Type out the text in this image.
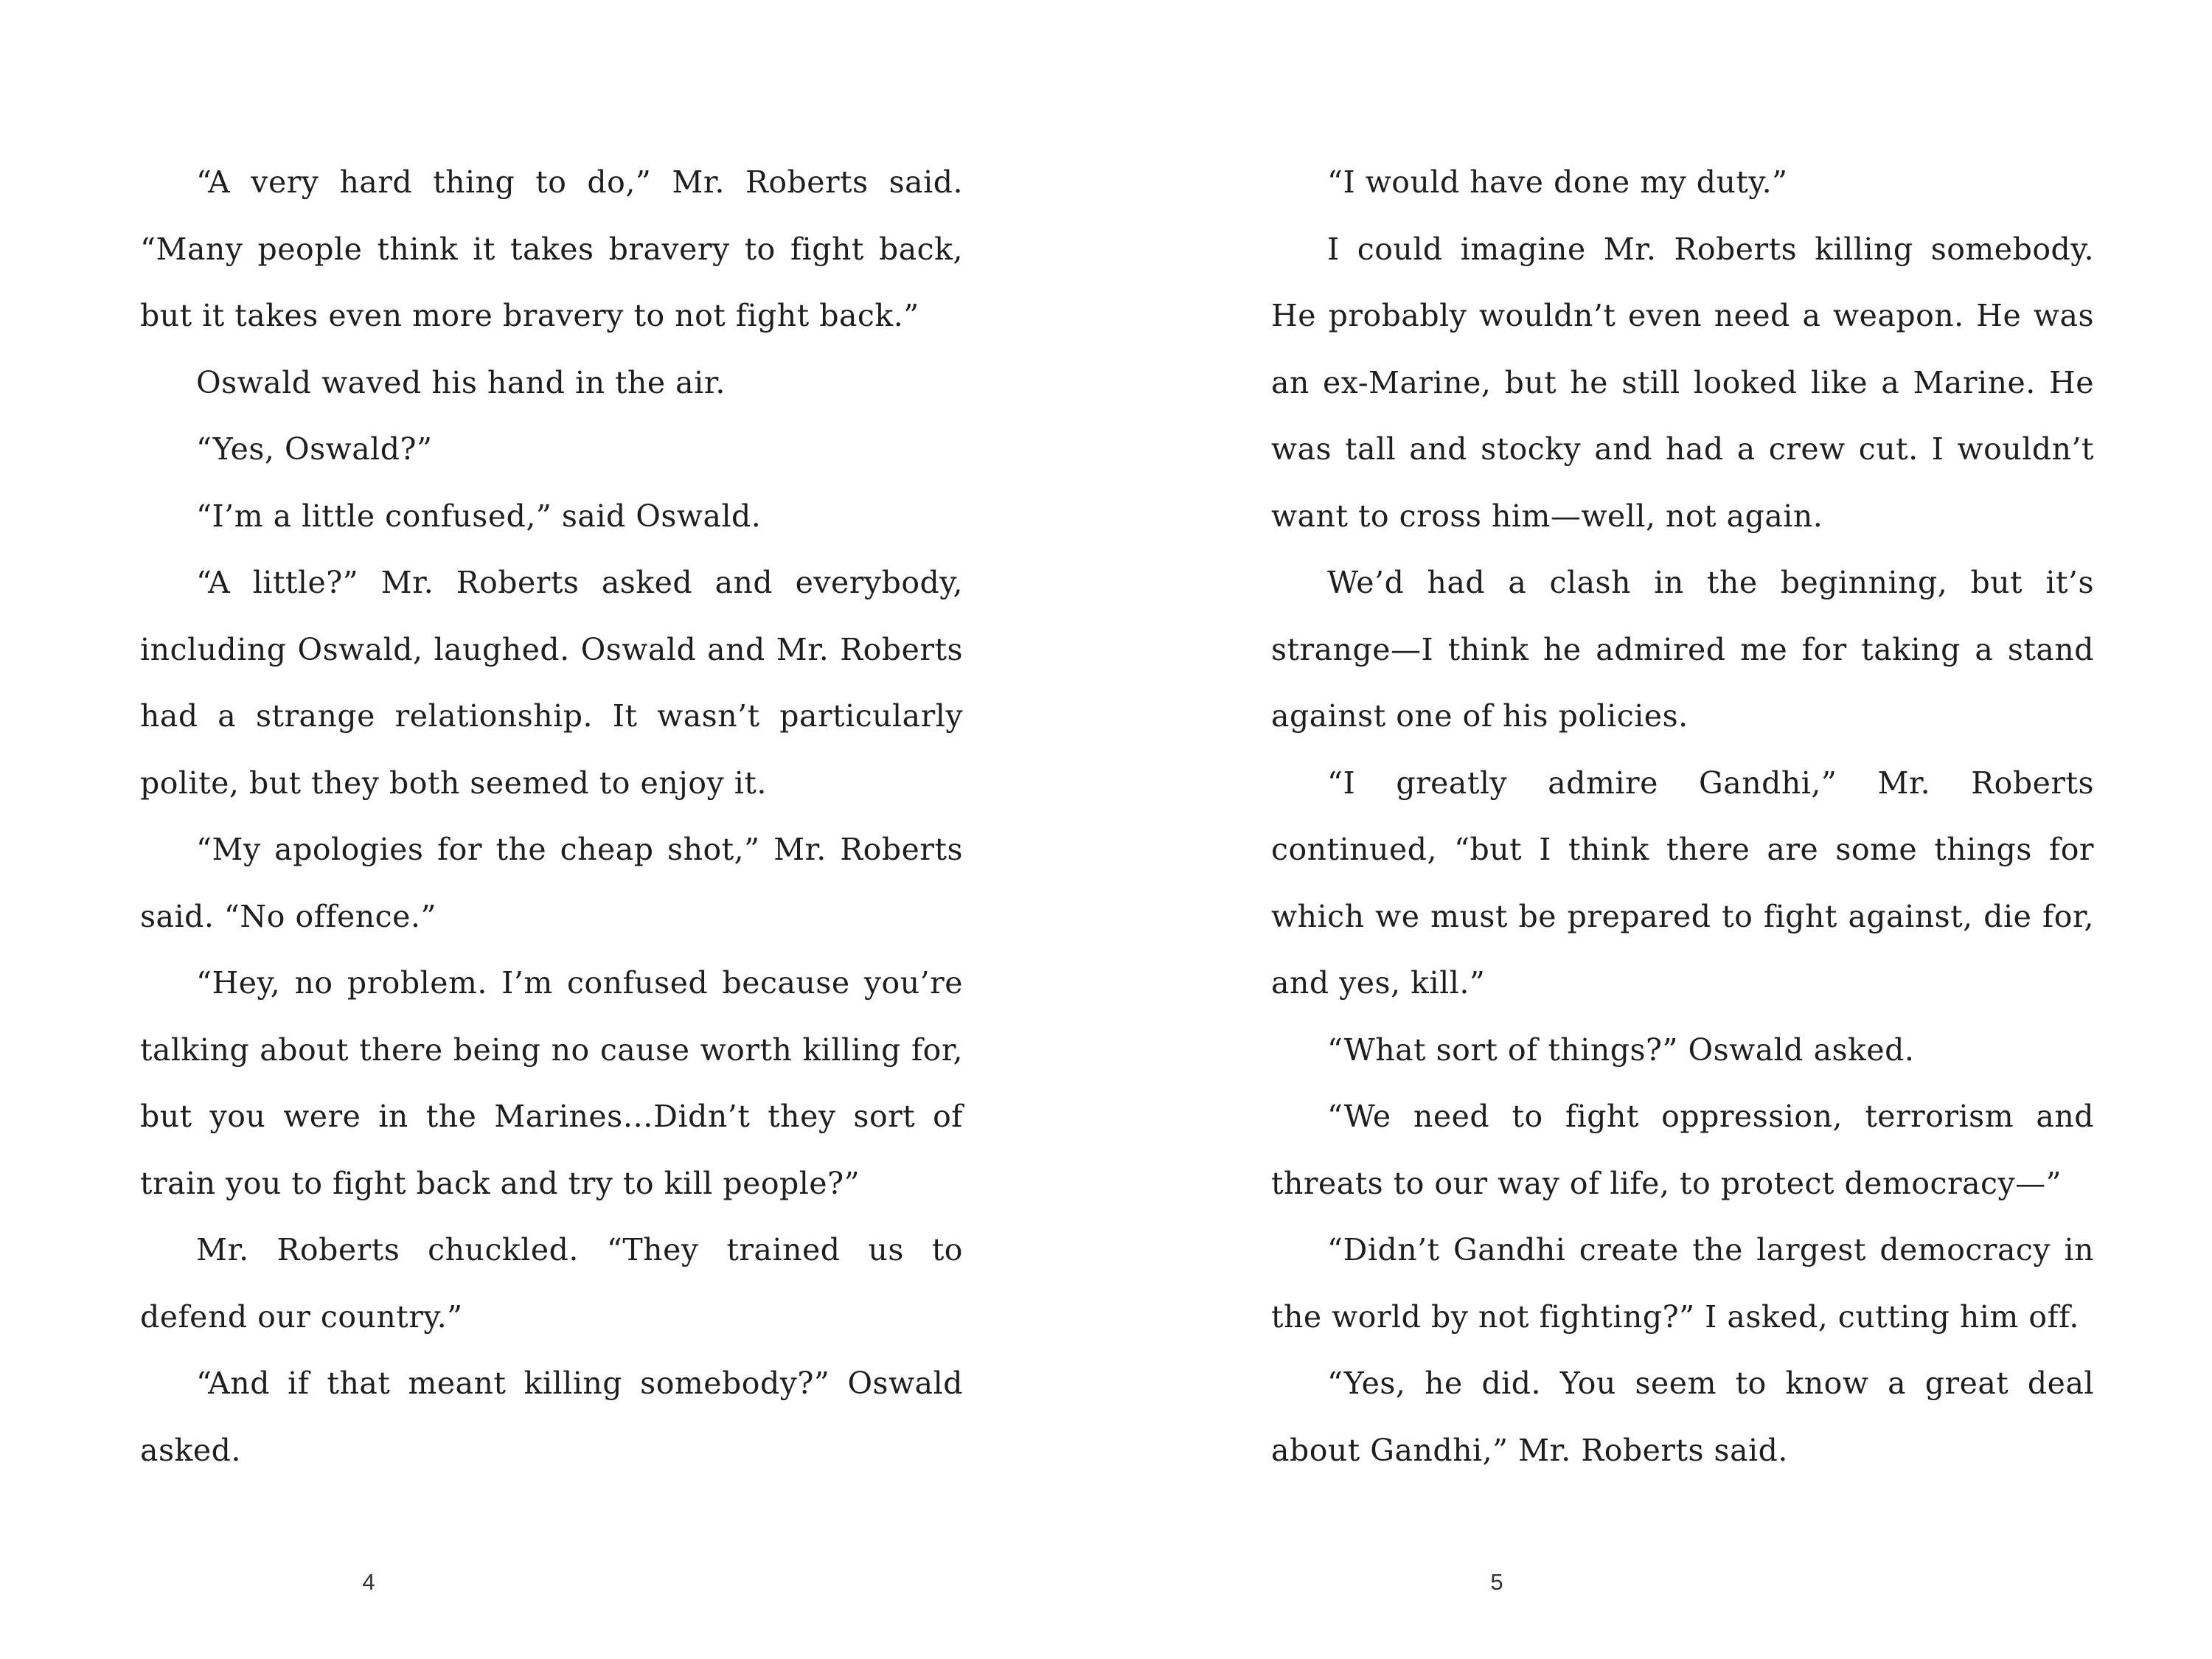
“A very hard thing to do,” Mr. Roberts said. “Many people think it takes bravery to fight back, but it takes even more bravery to not fight back.”

Oswald waved his hand in the air.

“Yes, Oswald?”

“I’m a little confused,” said Oswald.

“A little?” Mr. Roberts asked and everybody, including Oswald, laughed. Oswald and Mr. Roberts had a strange relationship. It wasn’t particularly polite, but they both seemed to enjoy it.

“My apologies for the cheap shot,” Mr. Roberts said. “No offence.”

“Hey, no problem. I’m confused because you’re talking about there being no cause worth killing for, but you were in the Marines…Didn’t they sort of train you to fight back and try to kill people?”

Mr. Roberts chuckled. “They trained us to defend our country.”

“And if that meant killing somebody?” Oswald asked.

4

“I would have done my duty.”

I could imagine Mr. Roberts killing somebody. He probably wouldn’t even need a weapon. He was an ex-Marine, but he still looked like a Marine. He was tall and stocky and had a crew cut. I wouldn’t want to cross him—well, not again.

We’d had a clash in the beginning, but it’s strange—I think he admired me for taking a stand against one of his policies.

“I greatly admire Gandhi,” Mr. Roberts continued, “but I think there are some things for which we must be prepared to fight against, die for, and yes, kill.”

“What sort of things?” Oswald asked.

“We need to fight oppression, terrorism and threats to our way of life, to protect democracy—”

“Didn’t Gandhi create the largest democracy in the world by not fighting?” I asked, cutting him off.

“Yes, he did. You seem to know a great deal about Gandhi,” Mr. Roberts said.

5
